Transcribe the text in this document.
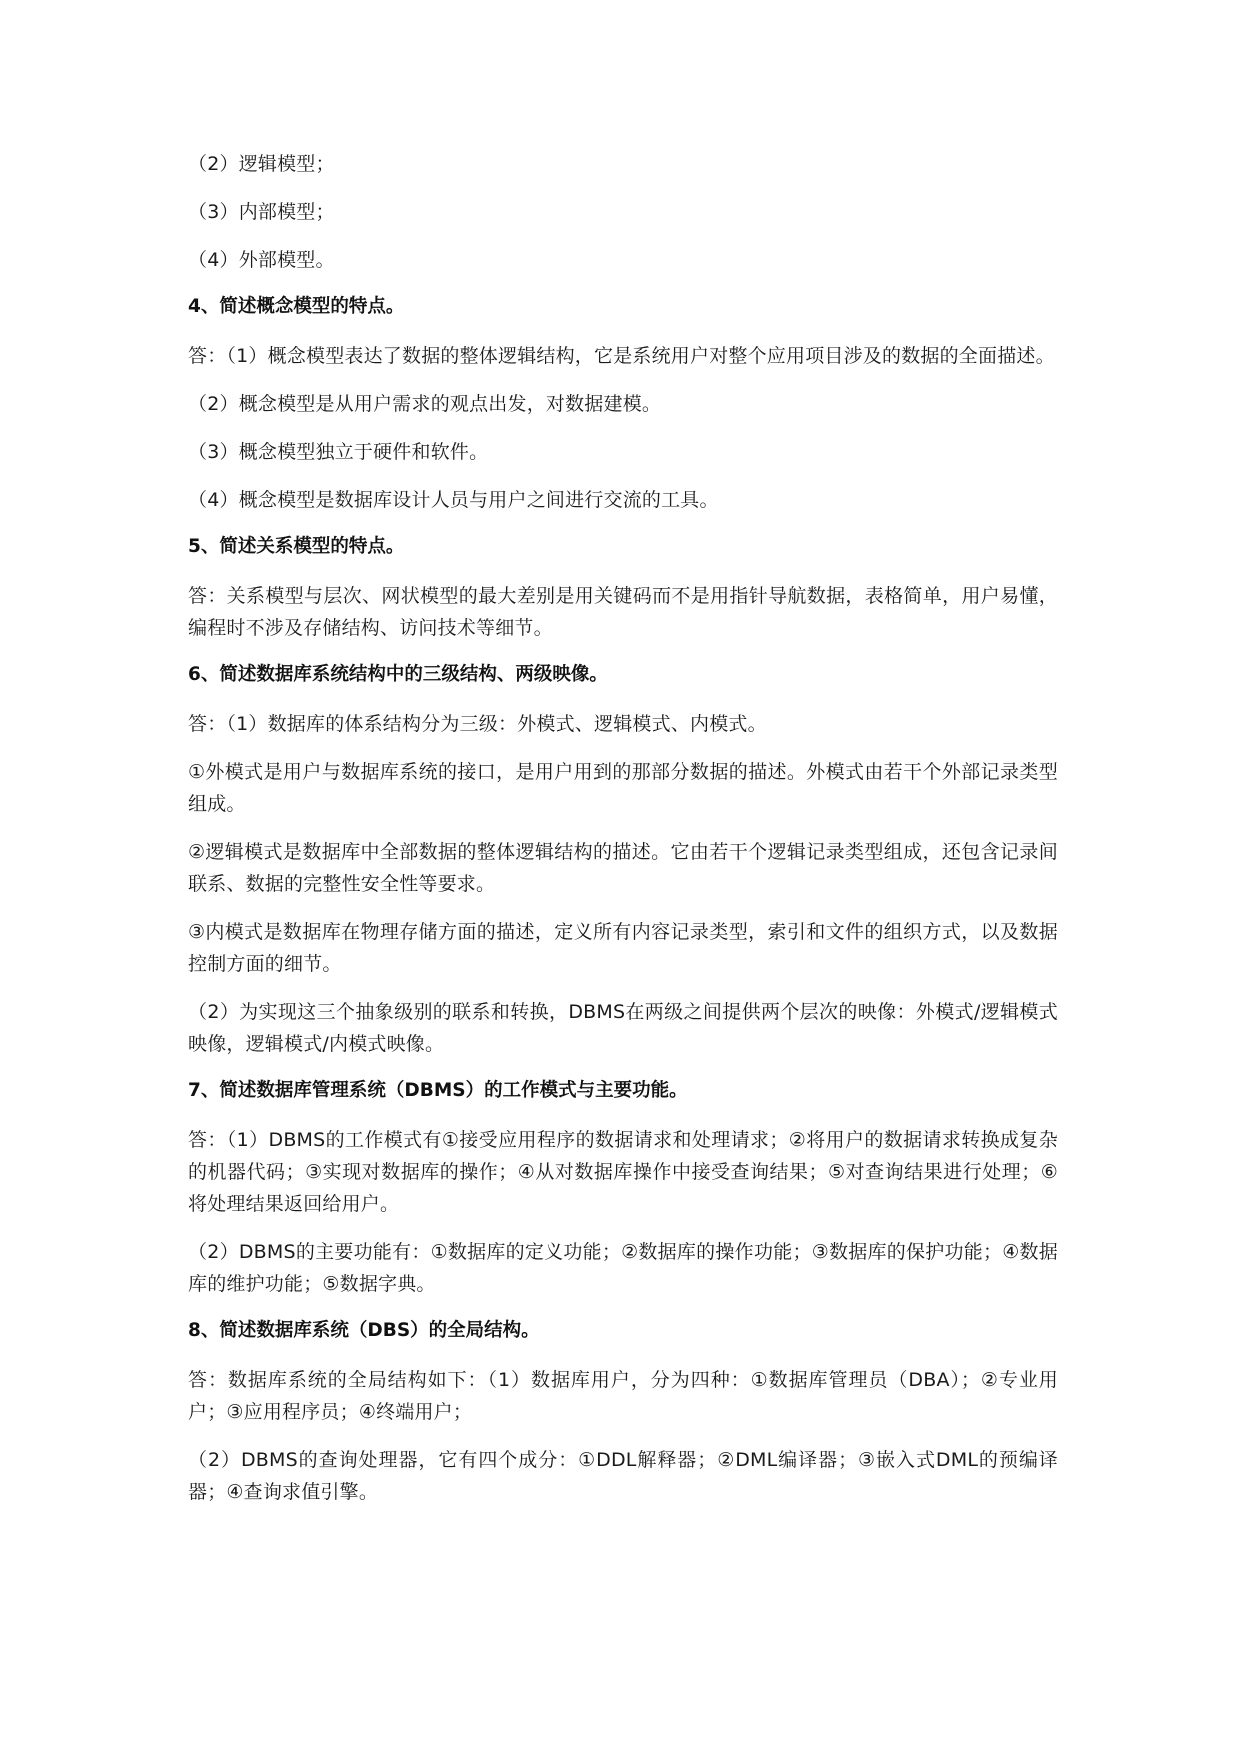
（2）逻辑模型；

（3）内部模型；

（4）外部模型。

4、简述概念模型的特点。

答：（1）概念模型表达了数据的整体逻辑结构，它是系统用户对整个应用项目涉及的数据的全面描述。

（2）概念模型是从用户需求的观点出发，对数据建模。

（3）概念模型独立于硬件和软件。

（4）概念模型是数据库设计人员与用户之间进行交流的工具。

5、简述关系模型的特点。

答：关系模型与层次、网状模型的最大差别是用关键码而不是用指针导航数据，表格简单，用户易懂，编程时不涉及存储结构、访问技术等细节。

6、简述数据库系统结构中的三级结构、两级映像。

答：（1）数据库的体系结构分为三级：外模式、逻辑模式、内模式。

①外模式是用户与数据库系统的接口，是用户用到的那部分数据的描述。外模式由若干个外部记录类型组成。

②逻辑模式是数据库中全部数据的整体逻辑结构的描述。它由若干个逻辑记录类型组成，还包含记录间联系、数据的完整性安全性等要求。

③内模式是数据库在物理存储方面的描述，定义所有内容记录类型，索引和文件的组织方式，以及数据控制方面的细节。

（2）为实现这三个抽象级别的联系和转换，DBMS在两级之间提供两个层次的映像：外模式/逻辑模式映像，逻辑模式/内模式映像。

7、简述数据库管理系统（DBMS）的工作模式与主要功能。

答：（1）DBMS的工作模式有①接受应用程序的数据请求和处理请求；②将用户的数据请求转换成复杂的机器代码；③实现对数据库的操作；④从对数据库操作中接受查询结果；⑤对查询结果进行处理；⑥将处理结果返回给用户。

（2）DBMS的主要功能有：①数据库的定义功能；②数据库的操作功能；③数据库的保护功能；④数据库的维护功能；⑤数据字典。

8、简述数据库系统（DBS）的全局结构。

答：数据库系统的全局结构如下：（1）数据库用户，分为四种：①数据库管理员（DBA）；②专业用户；③应用程序员；④终端用户；

（2）DBMS的查询处理器，它有四个成分：①DDL解释器；②DML编译器；③嵌入式DML的预编译器；④查询求值引擎。
